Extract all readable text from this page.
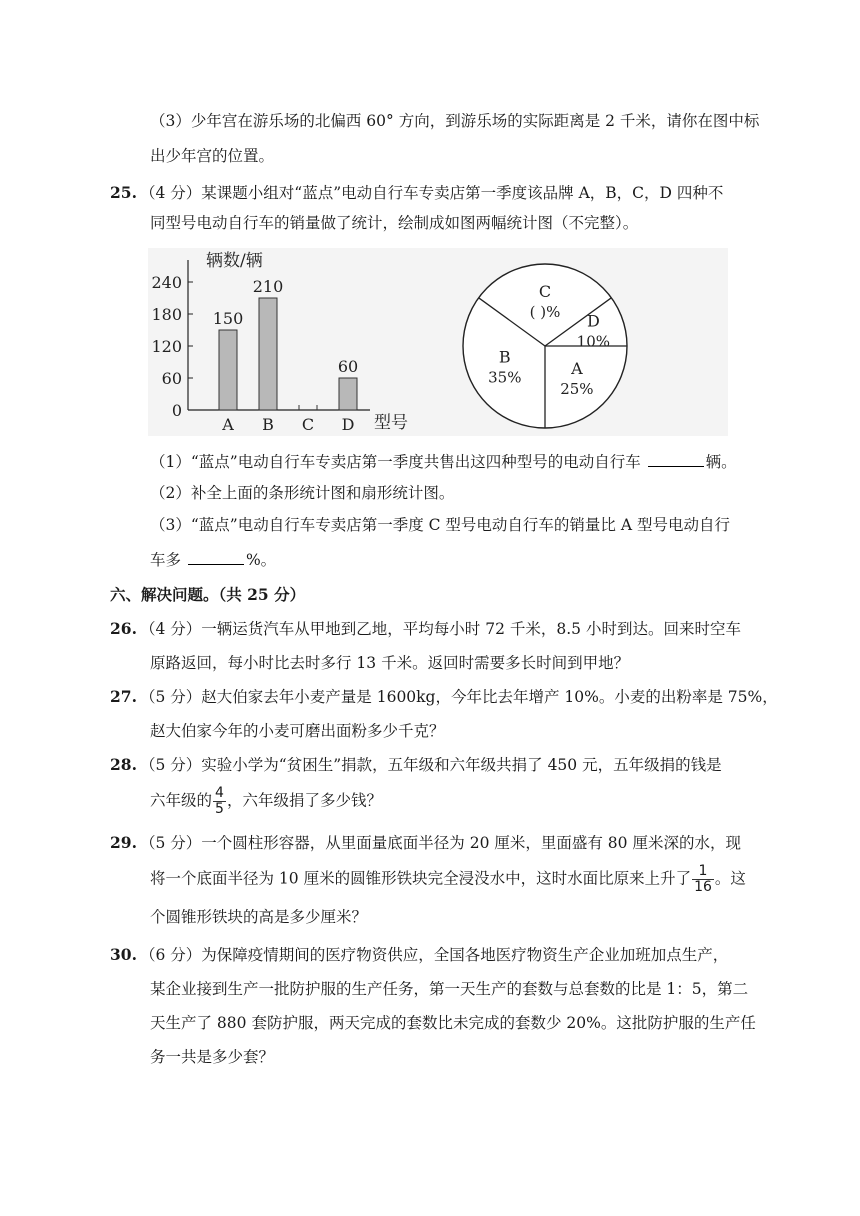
（3）少年宫在游乐场的北偏西 60° 方向，到游乐场的实际距离是 2 千米，请你在图中标
出少年宫的位置。
25. （4 分）某课题小组对“蓝点”电动自行车专卖店第一季度该品牌 A，B，C，D 四种不
同型号电动自行车的销量做了统计，绘制成如图两幅统计图（不完整）。
辆数/辆
型号
0
60
120
180
240
150
A
210
B C
60
D
A
25%
B
35%
C
( )% D
10%
（1）“蓝点”电动自行车专卖店第一季度共售出这四种型号的电动自行车	辆。
（2）补全上面的条形统计图和扇形统计图。
（3）“蓝点”电动自行车专卖店第一季度 C 型号电动自行车的销量比 A 型号电动自行
车多	%。
六、解决问题。（共 25 分）
26. （4 分）一辆运货汽车从甲地到乙地，平均每小时 72 千米，8.5 小时到达。回来时空车
原路返回，每小时比去时多行 13 千米。返回时需要多长时间到甲地？
27. （5 分）赵大伯家去年小麦产量是 1600kg，今年比去年增产 10%。小麦的出粉率是 75%，
赵大伯家今年的小麦可磨出面粉多少千克？
28. （5 分）实验小学为“贫困生”捐款，五年级和六年级共捐了 450 元，五年级捐的钱是
六年级的 $\frac{4}{5}$ ，六年级捐了多少钱？
29. （5 分）一个圆柱形容器，从里面量底面半径为 20 厘米，里面盛有 80 厘米深的水，现
将一个底面半径为 10 厘米的圆锥形铁块完全浸没水中，这时水面比原来上升了 $\frac{1}{16}$ 。这
个圆锥形铁块的高是多少厘米？
30. （6 分）为保障疫情期间的医疗物资供应，全国各地医疗物资生产企业加班加点生产，
某企业接到生产一批防护服的生产任务，第一天生产的套数与总套数的比是 1：5，第二
天生产了 880 套防护服，两天完成的套数比未完成的套数少 20%。这批防护服的生产任
务一共是多少套？
